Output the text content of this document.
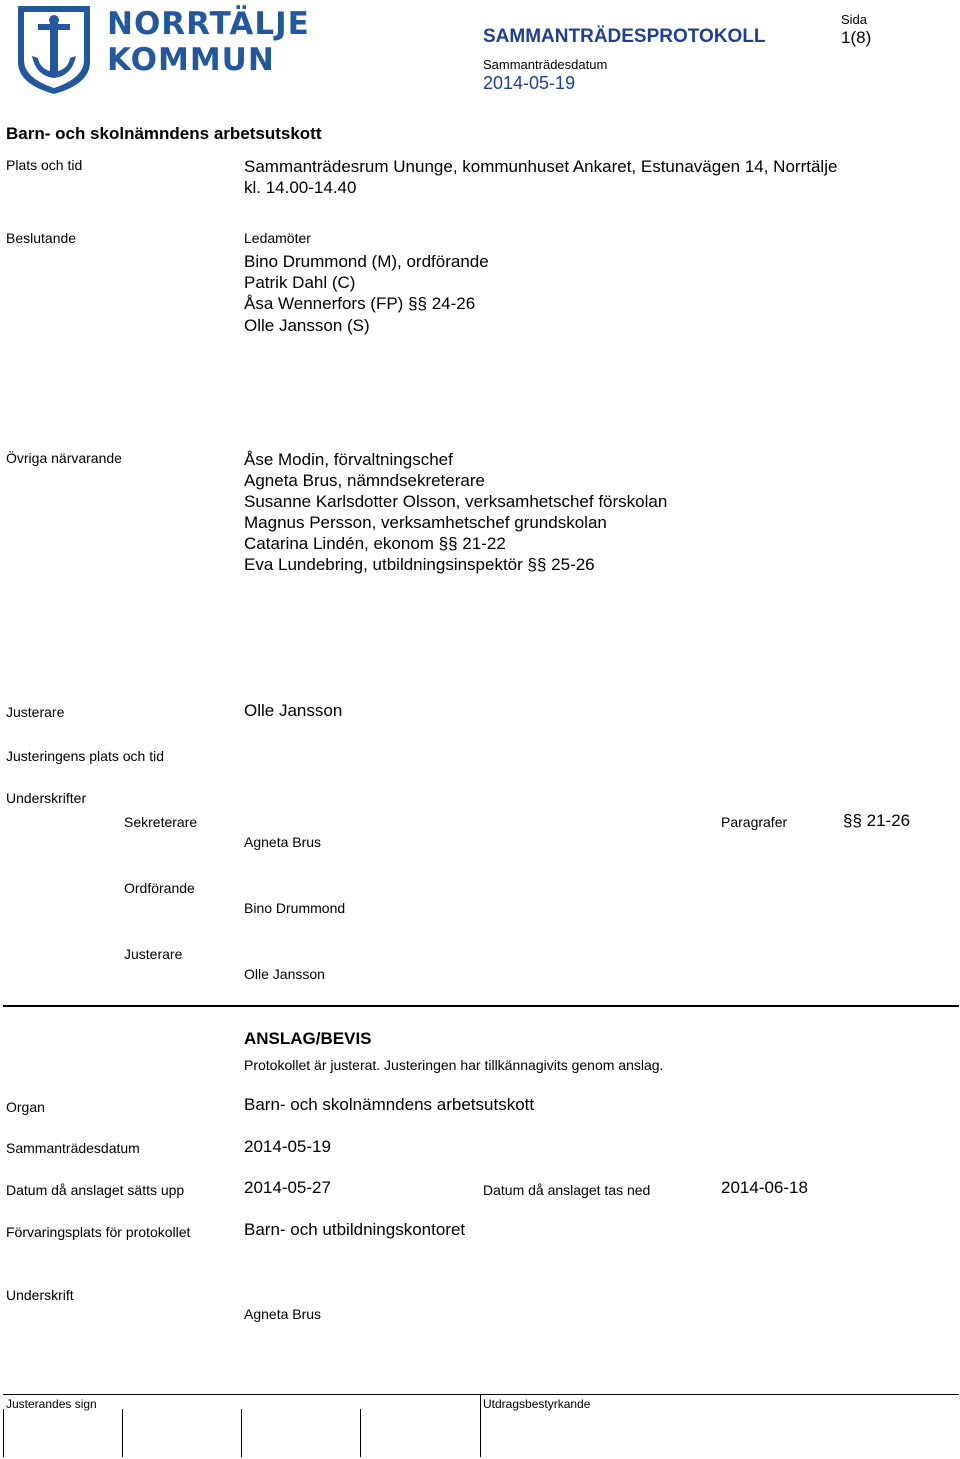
NORRTÄLJE
KOMMUN
SAMMANTRÄDESPROTOKOLL
Sida
1(8)
Sammanträdesdatum
2014-05-19
Barn- och skolnämndens arbetsutskott
Plats och tid	Sammanträdesrum Ununge, kommunhuset Ankaret, Estunavägen 14, Norrtälje
kl. 14.00-14.40
Beslutande	Ledamöter
Bino Drummond (M), ordförande
Patrik Dahl (C)
Åsa Wennerfors (FP) §§ 24-26
Olle Jansson (S)
Övriga närvarande	Åse Modin, förvaltningschef
Agneta Brus, nämndsekreterare
Susanne Karlsdotter Olsson, verksamhetschef förskolan
Magnus Persson, verksamhetschef grundskolan
Catarina Lindén, ekonom §§ 21-22
Eva Lundebring, utbildningsinspektör §§ 25-26
Justerare	Olle Jansson
Justeringens plats och tid
Underskrifter
Sekreterare
Agneta Brus
Paragrafer	§§ 21-26
Ordförande
Bino Drummond
Justerare
Olle Jansson
ANSLAG/BEVIS
Protokollet är justerat. Justeringen har tillkännagivits genom anslag.
Organ	Barn- och skolnämndens arbetsutskott
Sammanträdesdatum	2014-05-19
Datum då anslaget sätts upp	2014-05-27	Datum då anslaget tas ned	2014-06-18
Förvaringsplats för protokollet	Barn- och utbildningskontoret
Underskrift
Agneta Brus
Justerandes sign	Utdragsbestyrkande
